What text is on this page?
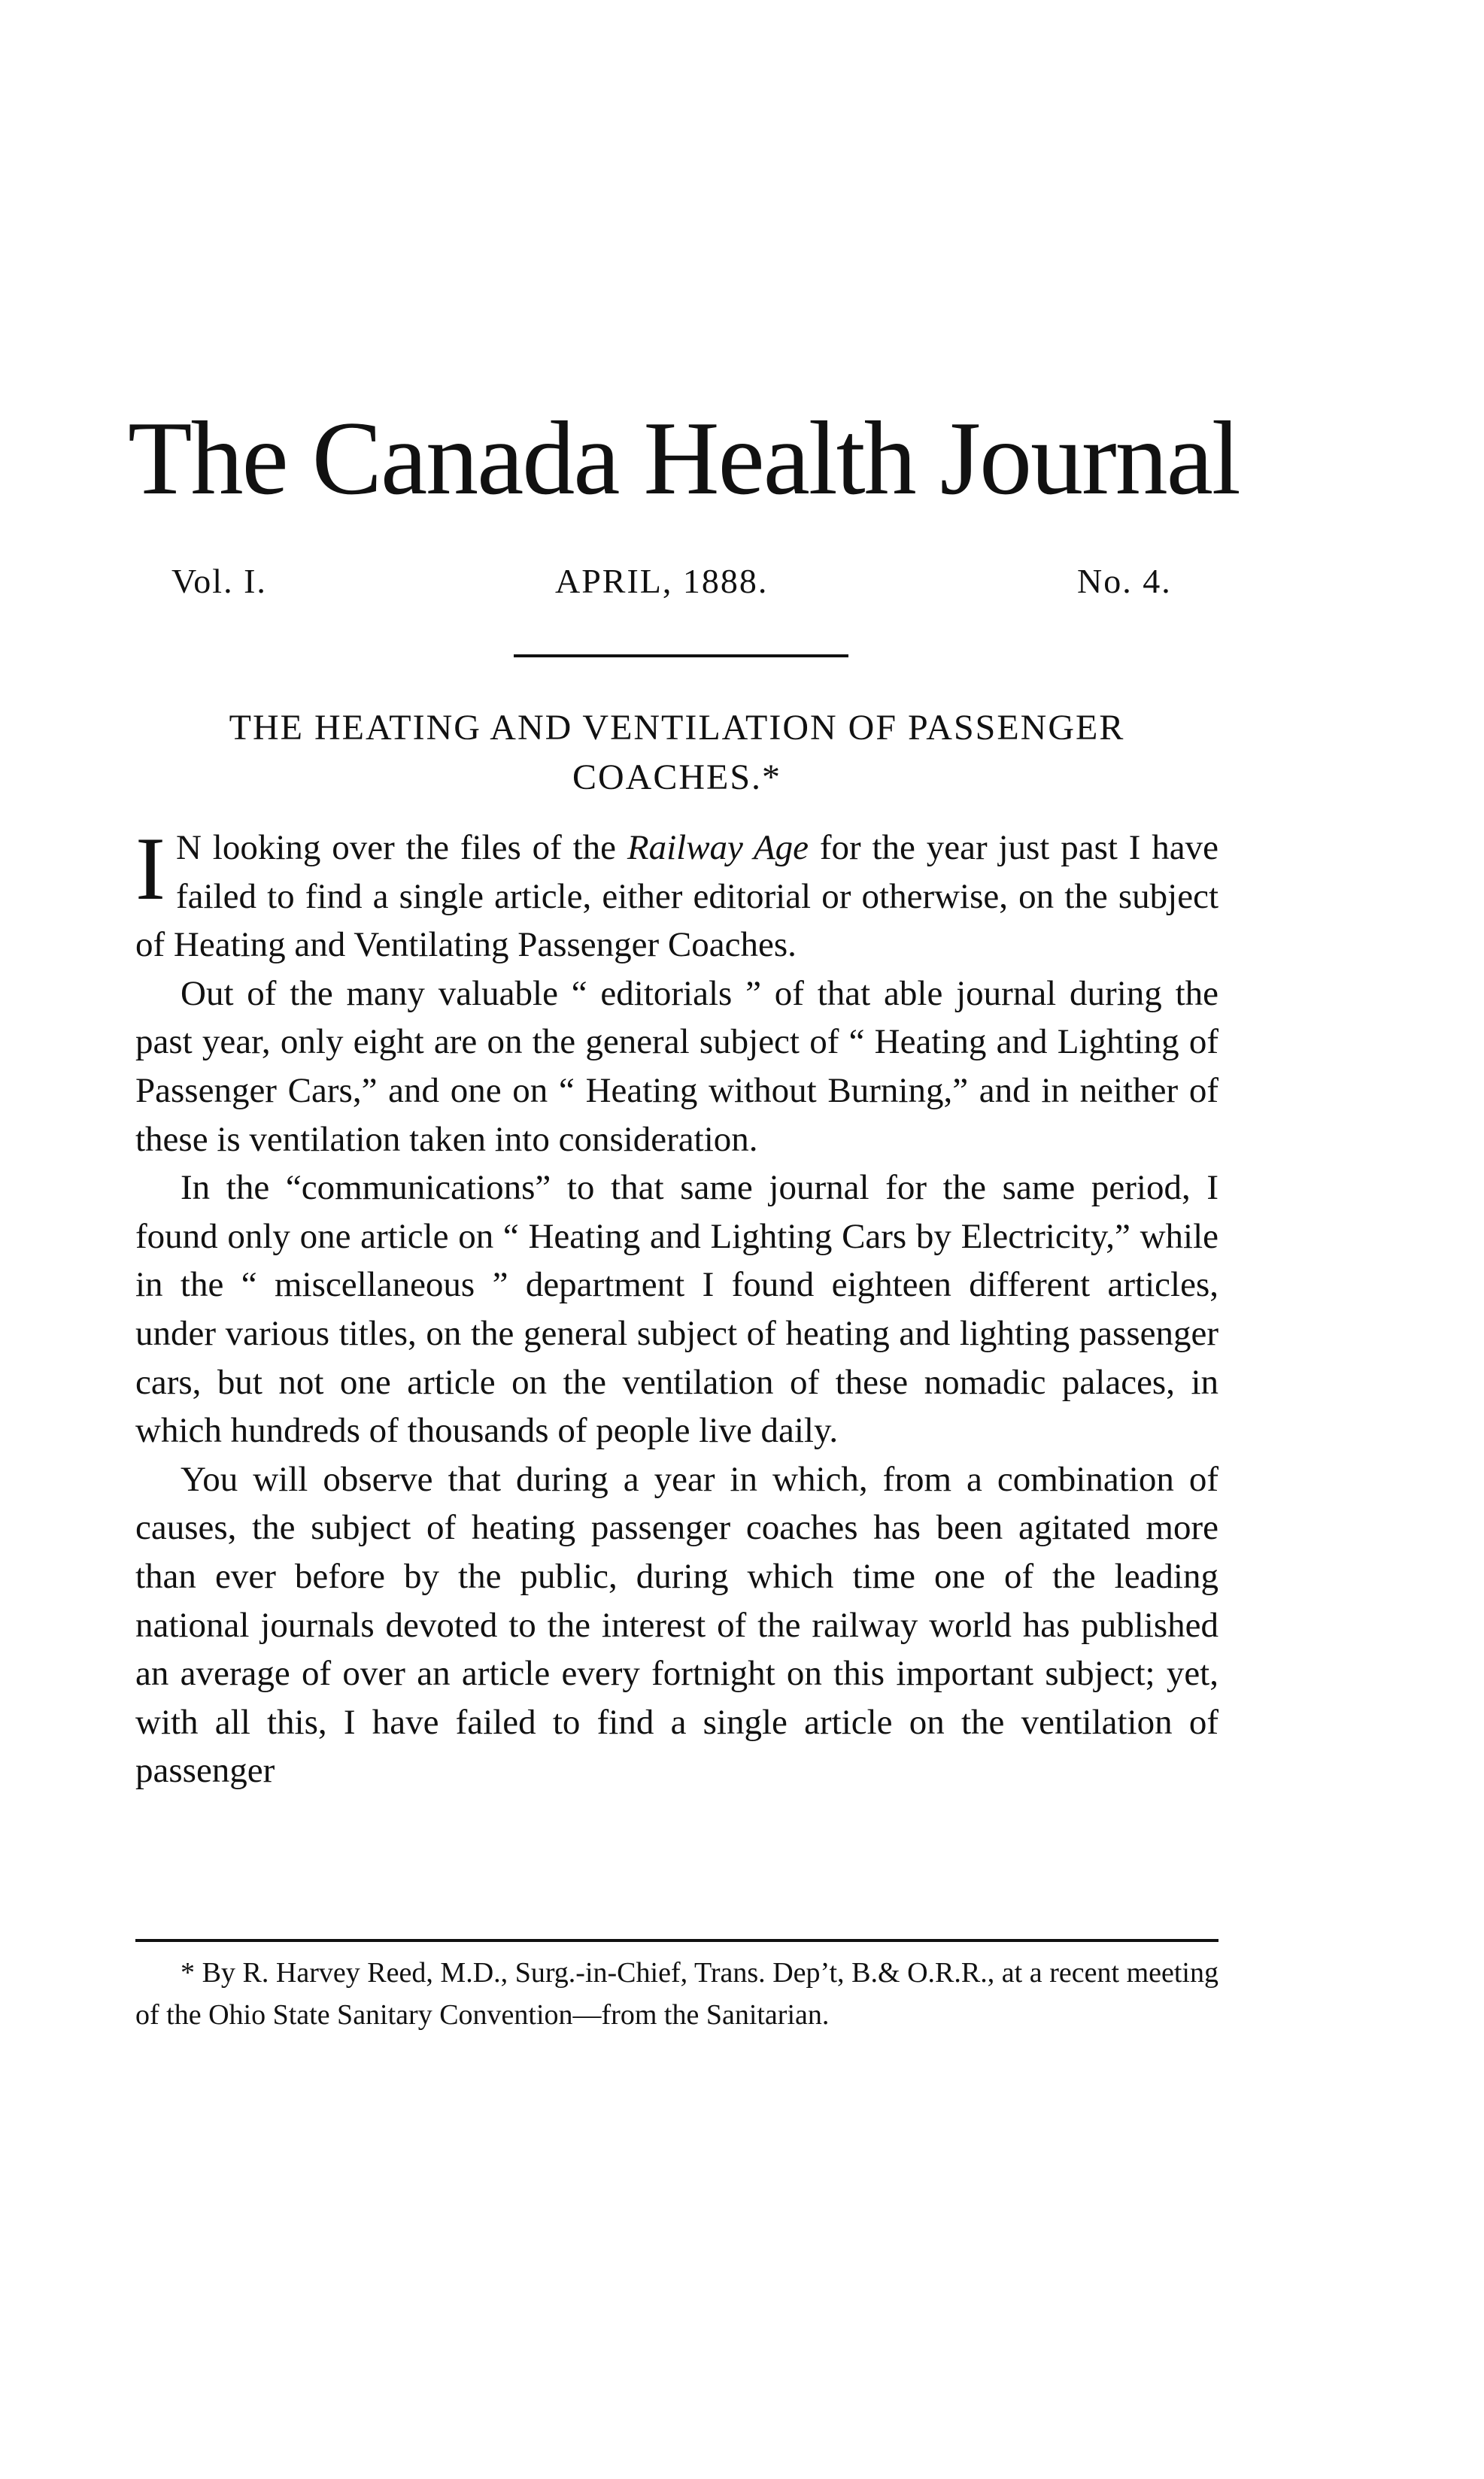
The Canada Health Journal
Vol. I.	APRIL, 1888.	No. 4.
THE HEATING AND VENTILATION OF PASSENGER COACHES.*

I N looking over the files of the Railway Age for the year just past I have failed to find a single article, either editorial or otherwise, on the subject of Heating and Ventilating Passenger Coaches.

Out of the many valuable “ editorials ” of that able journal during the past year, only eight are on the general subject of “ Heating and Lighting of Passenger Cars,” and one on “ Heating without Burning,” and in neither of these is ventilation taken into consideration.

In the “communications” to that same journal for the same period, I found only one article on “ Heating and Lighting Cars by Electricity,” while in the “ miscellaneous ” department I found eighteen different articles, under various titles, on the general subject of heating and lighting passenger cars, but not one article on the ventilation of these nomadic palaces, in which hundreds of thousands of people live daily.

You will observe that during a year in which, from a combination of causes, the subject of heating passenger coaches has been agitated more than ever before by the public, during which time one of the leading national journals devoted to the interest of the railway world has published an average of over an article every fortnight on this important subject; yet, with all this, I have failed to find a single article on the ventilation of passenger

* By R. Harvey Reed, M.D., Surg.-in-Chief, Trans. Dep’t, B.& O.R.R., at a recent meeting of the Ohio State Sanitary Convention—from the Sanitarian.
